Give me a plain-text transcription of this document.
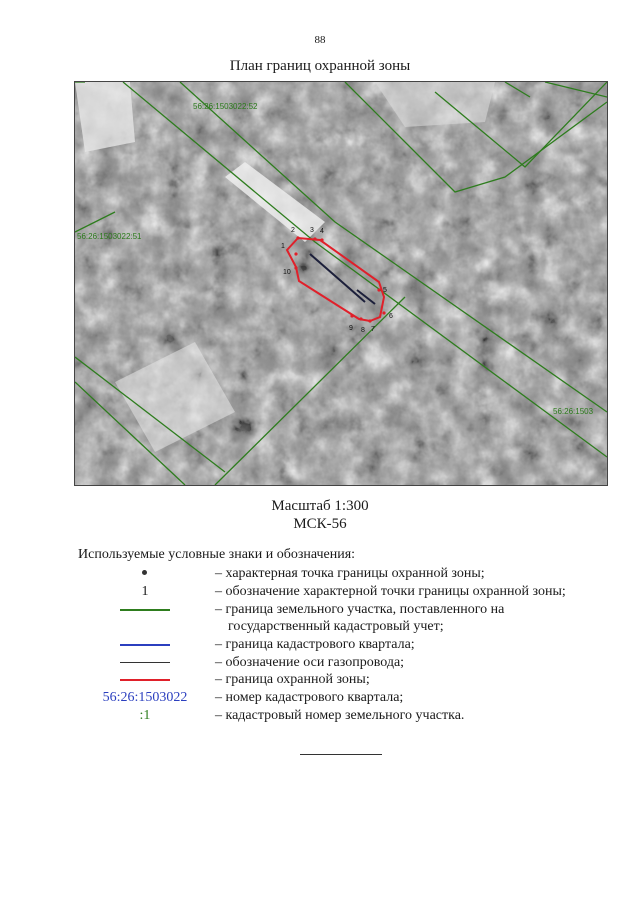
88
План границ охранной зоны
1
2 3 4
5
6
7
8
9
10
56:26:1503022:52
56:26:1503022:51
56:26:1503
Масштаб 1:300
МСК-56
Используемые условные знаки и обозначения:
– характерная точка границы охранной зоны;
1	– обозначение характерной точки границы охранной зоны;
– граница земельного участка, поставленного на
государственный кадастровый учет;
– граница кадастрового квартала;
– обозначение оси газопровода;
– граница охранной зоны;
56:26:1503022	– номер кадастрового квартала;
:1	– кадастровый номер земельного участка.
